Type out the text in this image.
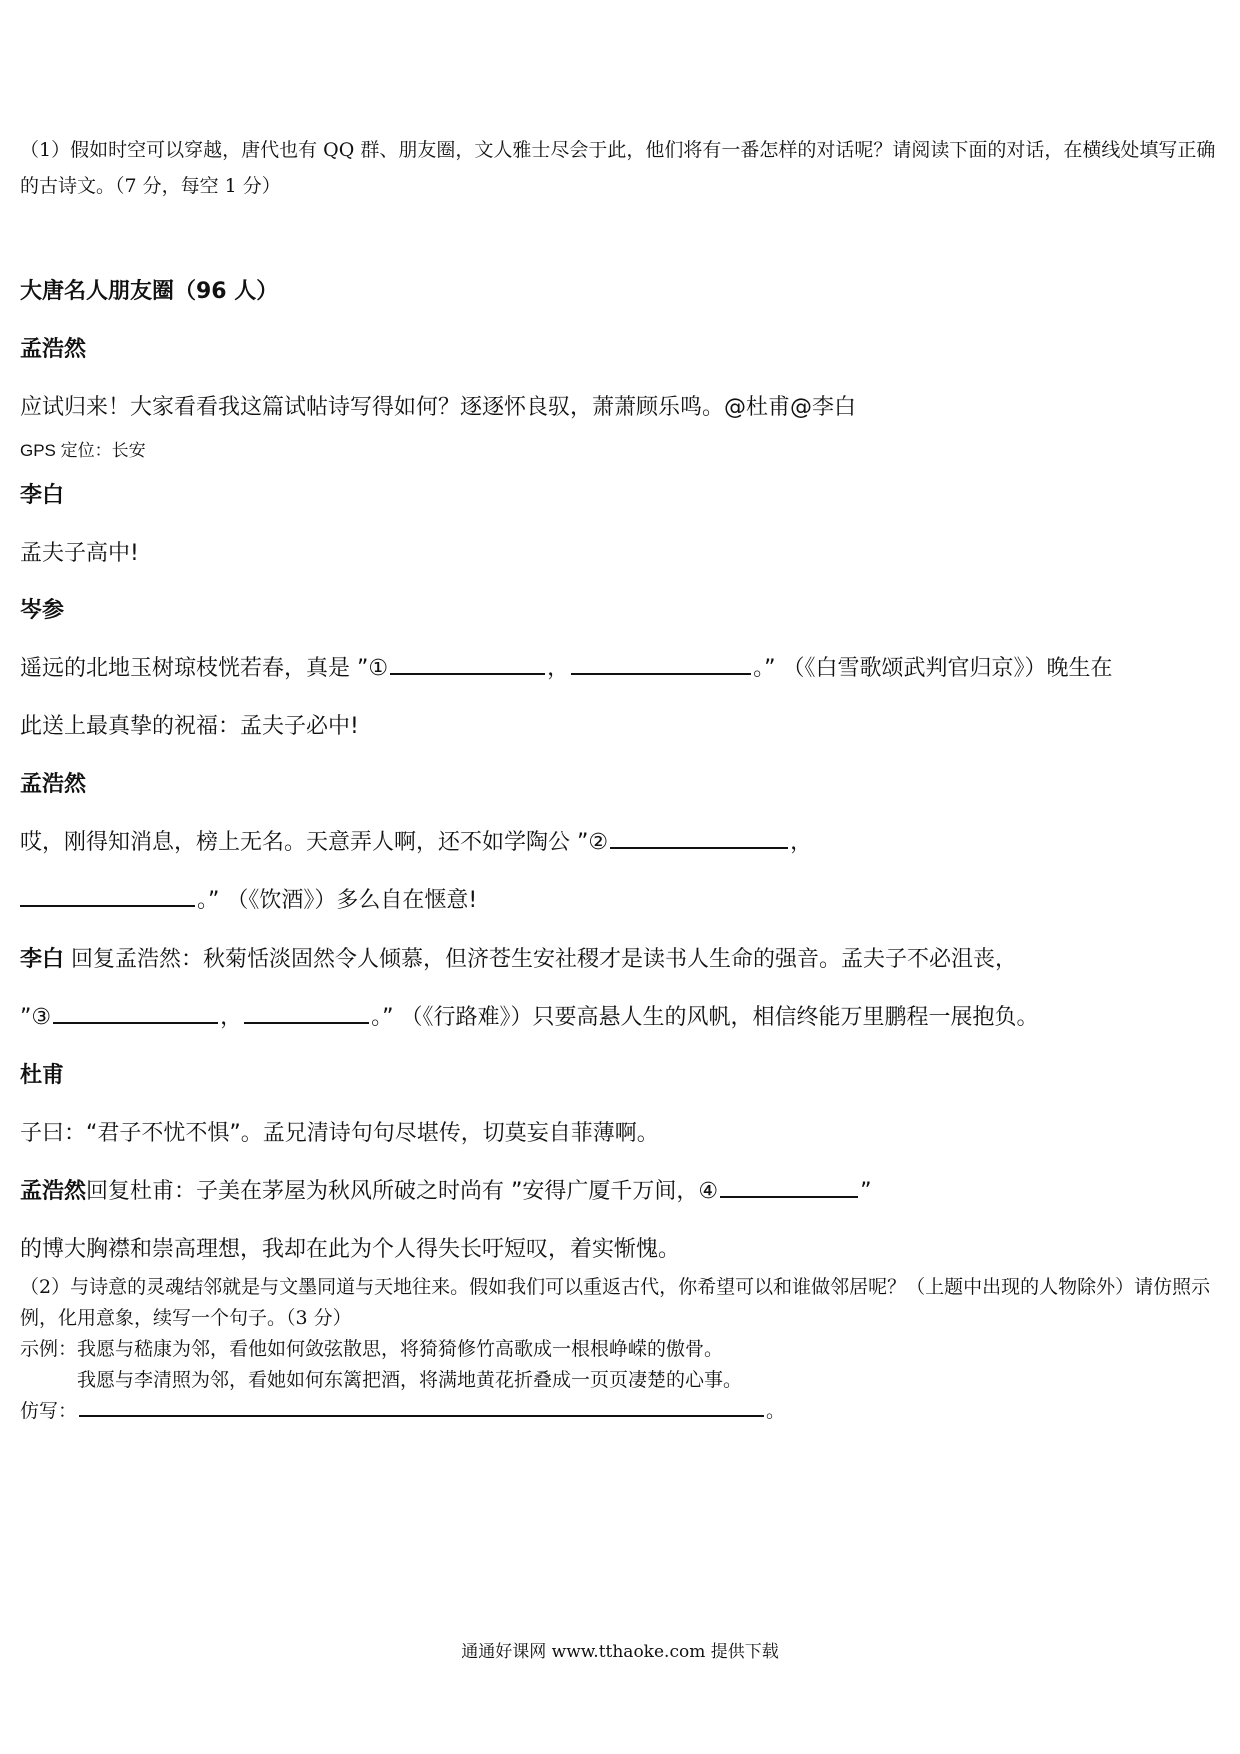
（1）假如时空可以穿越，唐代也有 QQ 群、朋友圈，文人雅士尽会于此，他们将有一番怎样的对话呢？请阅读下面的对话，在横线处填写正确的古诗文。（7 分，每空 1 分）
大唐名人朋友圈（96 人）
孟浩然
应试归来！大家看看我这篇试帖诗写得如何？逐逐怀良驭，萧萧顾乐鸣。@杜甫@李白
GPS 定位：长安
李白
孟夫子高中!
岑参
遥远的北地玉树琼枝恍若春，真是 ”①	，	。” （《白雪歌颂武判官归京》）晚生在
此送上最真挚的祝福：孟夫子必中!
孟浩然
哎，刚得知消息，榜上无名。天意弄人啊，还不如学陶公 ”②	，
。” （《饮酒》）多么自在惬意!
李白 回复孟浩然：秋菊恬淡固然令人倾慕，但济苍生安社稷才是读书人生命的强音。孟夫子不必沮丧，
”③	，	。” （《行路难》）只要高悬人生的风帆，相信终能万里鹏程一展抱负。
杜甫
子曰：“君子不忧不惧”。孟兄清诗句句尽堪传，切莫妄自菲薄啊。
孟浩然回复杜甫：子美在茅屋为秋风所破之时尚有 ”安得广厦千万间，④	”
的博大胸襟和崇高理想，我却在此为个人得失长吁短叹，着实惭愧。
（2）与诗意的灵魂结邻就是与文墨同道与天地往来。假如我们可以重返古代，你希望可以和谁做邻居呢？（上题中出现的人物除外）请仿照示例，化用意象，续写一个句子。（3 分）
示例：我愿与嵇康为邻，看他如何敛弦散思，将猗猗修竹高歌成一根根峥嵘的傲骨。
我愿与李清照为邻，看她如何东篱把酒，将满地黄花折叠成一页页凄楚的心事。
仿写：	。
通通好课网 www.tthaoke.com 提供下载
